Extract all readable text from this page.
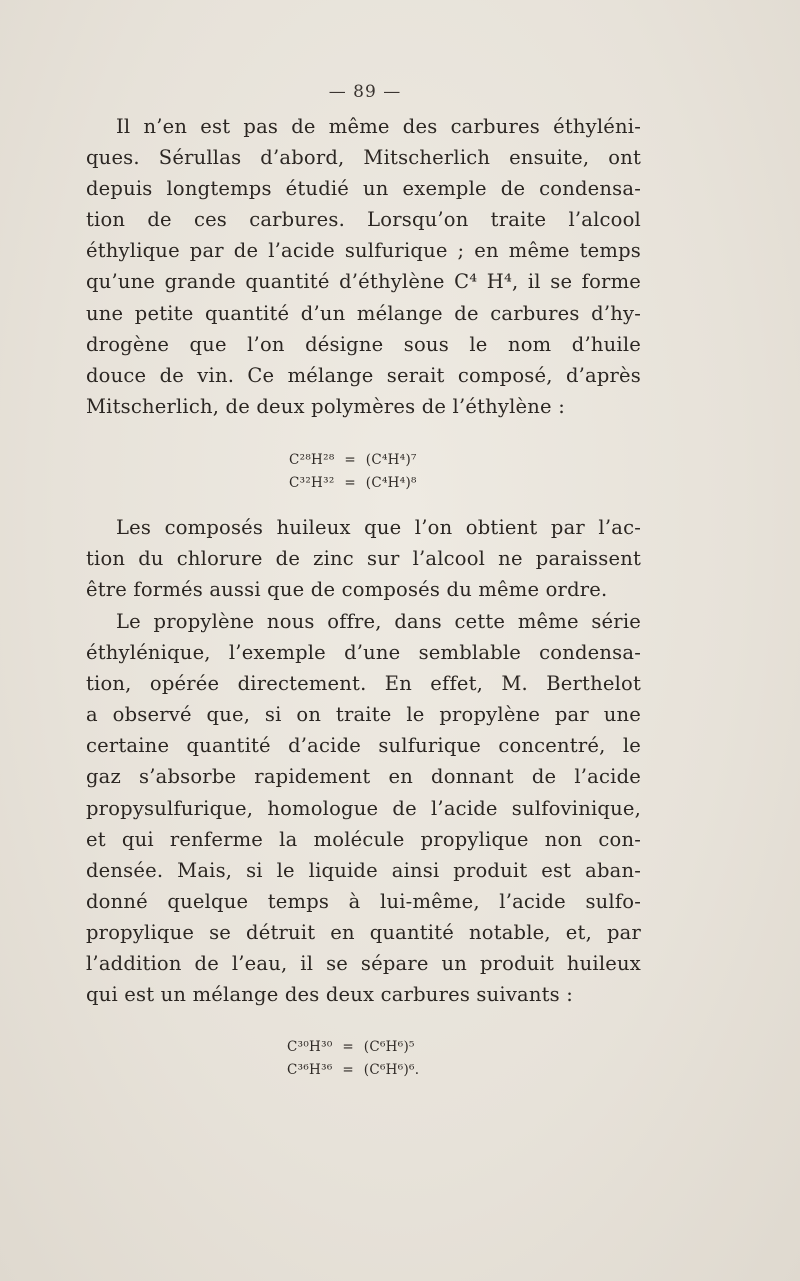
— 89 —
Il n’en est pas de même des carbures éthyléni-
ques. Sérullas d’abord, Mitscherlich ensuite, ont
depuis longtemps étudié un exemple de condensa-
tion de ces carbures. Lorsqu’on traite l’alcool
éthylique par de l’acide sulfurique ; en même temps
qu’une grande quantité d’éthylène C⁴ H⁴, il se forme
une petite quantité d’un mélange de carbures d’hy-
drogène que l’on désigne sous le nom d’huile
douce de vin. Ce mélange serait composé, d’après
Mitscherlich, de deux polymères de l’éthylène :
C²⁸H²⁸ = (C⁴H⁴)⁷
C³²H³² = (C⁴H⁴)⁸
Les composés huileux que l’on obtient par l’ac-
tion du chlorure de zinc sur l’alcool ne paraissent
être formés aussi que de composés du même ordre.
Le propylène nous offre, dans cette même série
éthylénique, l’exemple d’une semblable condensa-
tion, opérée directement. En effet, M. Berthelot
a observé que, si on traite le propylène par une
certaine quantité d’acide sulfurique concentré, le
gaz s’absorbe rapidement en donnant de l’acide
propysulfurique, homologue de l’acide sulfovinique,
et qui renferme la molécule propylique non con-
densée. Mais, si le liquide ainsi produit est aban-
donné quelque temps à lui-même, l’acide sulfo-
propylique se détruit en quantité notable, et, par
l’addition de l’eau, il se sépare un produit huileux
qui est un mélange des deux carbures suivants :
C³⁰H³⁰ = (C⁶H⁶)⁵
C³⁶H³⁶ = (C⁶H⁶)⁶.
